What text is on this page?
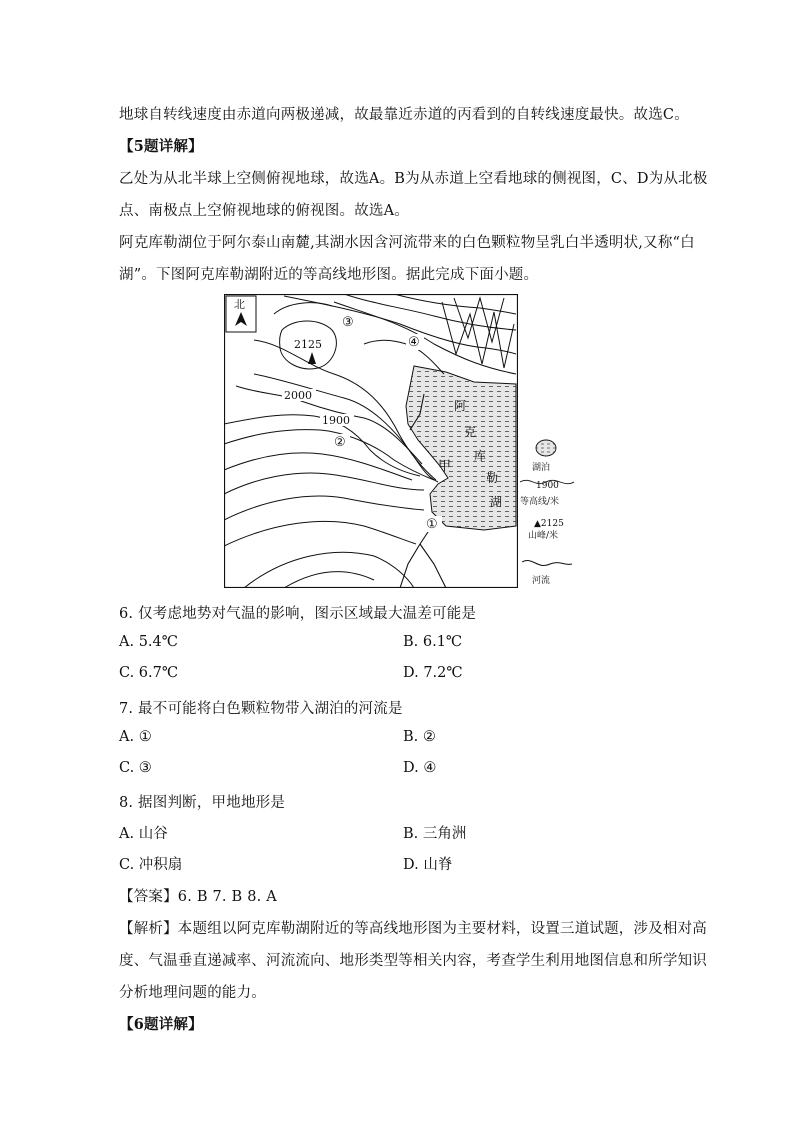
地球自转线速度由赤道向两极递减，故最靠近赤道的丙看到的自转线速度最快。故选C。
【5题详解】
乙处为从北半球上空侧俯视地球，故选A。B为从赤道上空看地球的侧视图，C、D为从北极
点、南极点上空俯视地球的俯视图。故选A。
阿克库勒湖位于阿尔泰山南麓,其湖水因含河流带来的白色颗粒物呈乳白半透明状,又称“白
湖”。下图阿克库勒湖附近的等高线地形图。据此完成下面小题。
北
2125
2000
1900
③
④
②
①
甲
阿
克
库
勒
湖
湖泊
1900
等高线/米
▲2125
山峰/米
河流
6. 仅考虑地势对气温的影响，图示区域最大温差可能是
A. 5.4℃	B. 6.1℃
C. 6.7℃	D. 7.2℃
7. 最不可能将白色颗粒物带入湖泊的河流是
A. ①	B. ②
C. ③	D. ④
8. 据图判断，甲地地形是
A. 山谷	B. 三角洲
C. 冲积扇	D. 山脊
【答案】6. B 7. B 8. A
【解析】本题组以阿克库勒湖附近的等高线地形图为主要材料，设置三道试题，涉及相对高
度、气温垂直递减率、河流流向、地形类型等相关内容，考查学生利用地图信息和所学知识
分析地理问题的能力。
【6题详解】
